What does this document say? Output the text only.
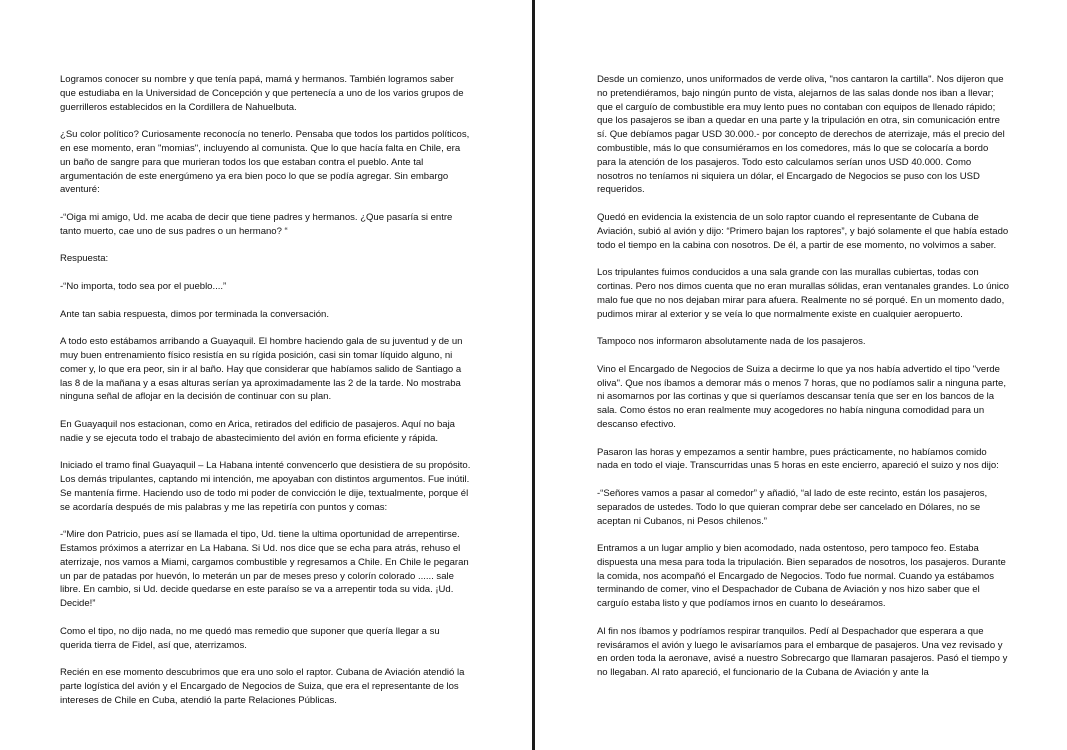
Logramos conocer su nombre y que tenía papá, mamá y hermanos. También logramos saber que estudiaba en la Universidad de Concepción y que pertenecía a uno de los varios grupos de guerrilleros establecidos en la Cordillera de Nahuelbuta.

¿Su color político? Curiosamente reconocía no tenerlo. Pensaba que todos los partidos políticos, en ese momento, eran "momias", incluyendo al comunista. Que lo que hacía falta en Chile, era un baño de sangre para que murieran todos los que estaban contra el pueblo. Ante tal argumentación de este energúmeno ya era bien poco lo que se podía agregar. Sin embargo aventuré:

-“Oiga mi amigo, Ud. me acaba de decir que tiene padres y hermanos. ¿Que pasaría si entre tanto muerto, cae uno de sus padres o un hermano? “

Respuesta:

-“No importa, todo sea por el pueblo....”

Ante tan sabia respuesta, dimos por terminada la conversación.

A todo esto estábamos arribando a Guayaquil. El hombre haciendo gala de su juventud y de un muy buen entrenamiento físico resistía en su rígida posición, casi sin tomar líquido alguno, ni comer y, lo que era peor, sin ir al baño. Hay que considerar que habíamos salido de Santiago a las 8 de la mañana y a esas alturas serían ya aproximadamente las 2 de la tarde. No mostraba ninguna señal de aflojar en la decisión de continuar con su plan.

En Guayaquil nos estacionan, como en Arica, retirados del edificio de pasajeros. Aquí no baja nadie y se ejecuta todo el trabajo de abastecimiento del avión en forma eficiente y rápida.

Iniciado el tramo final Guayaquil – La Habana intenté convencerlo que desistiera de su propósito. Los demás tripulantes, captando mi intención, me apoyaban con distintos argumentos. Fue inútil. Se mantenía firme. Haciendo uso de todo mi poder de convicción le dije, textualmente, porque él se acordaría después de mis palabras y me las repetiría con puntos y comas:

-“Mire don Patricio, pues así se llamada el tipo, Ud. tiene la ultima oportunidad de arrepentirse. Estamos próximos a aterrizar en La Habana. Si Ud. nos dice que se echa para atrás, rehuso el aterrizaje, nos vamos a Miami, cargamos combustible y regresamos a Chile. En Chile le pegaran un par de patadas por huevón, lo meterán un par de meses preso y colorín colorado ...... sale libre. En cambio, si Ud. decide quedarse en este paraíso se va a arrepentir toda su vida. ¡Ud. Decide!”

Como el tipo, no dijo nada, no me quedó mas remedio que suponer que quería llegar a su querida tierra de Fidel, así que, aterrizamos.

Recién en ese momento descubrimos que era uno solo el raptor. Cubana de Aviación atendió la parte logística del avión y el Encargado de Negocios de Suiza, que era el representante de los intereses de Chile en Cuba, atendió la parte Relaciones Públicas.

Desde un comienzo, unos uniformados de verde oliva, "nos cantaron la cartilla". Nos dijeron que no pretendiéramos, bajo ningún punto de vista, alejarnos de las salas donde nos iban a llevar; que el carguío de combustible era muy lento pues no contaban con equipos de llenado rápido; que los pasajeros se iban a quedar en una parte y la tripulación en otra, sin comunicación entre sí. Que debíamos pagar USD 30.000.- por concepto de derechos de aterrizaje, más el precio del combustible, más lo que consumiéramos en los comedores, más lo que se colocaría a bordo para la atención de los pasajeros. Todo esto calculamos serían unos USD 40.000. Como nosotros no teníamos ni siquiera un dólar, el Encargado de Negocios se puso con los USD requeridos.

Quedó en evidencia la existencia de un solo raptor cuando el representante de Cubana de Aviación, subió al avión y dijo: “Primero bajan los raptores”, y bajó solamente el que había estado todo el tiempo en la cabina con nosotros. De él, a partir de ese momento, no volvimos a saber.

Los tripulantes fuimos conducidos a una sala grande con las murallas cubiertas, todas con cortinas. Pero nos dimos cuenta que no eran murallas sólidas, eran ventanales grandes. Lo único malo fue que no nos dejaban mirar para afuera. Realmente no sé porqué. En un momento dado, pudimos mirar al exterior y se veía lo que normalmente existe en cualquier aeropuerto.

Tampoco nos informaron absolutamente nada de los pasajeros.

Vino el Encargado de Negocios de Suiza a decirme lo que ya nos había advertido el tipo "verde oliva". Que nos íbamos a demorar más o menos 7 horas, que no podíamos salir a ninguna parte, ni asomarnos por las cortinas y que si queríamos descansar tenía que ser en los bancos de la sala. Como éstos no eran realmente muy acogedores no había ninguna comodidad para un descanso efectivo.

Pasaron las horas y empezamos a sentir hambre, pues prácticamente, no habíamos comido nada en todo el viaje. Transcurridas unas 5 horas en este encierro, apareció el suizo y nos dijo:

-“Señores vamos a pasar al comedor” y añadió, “al lado de este recinto, están los pasajeros, separados de ustedes. Todo lo que quieran comprar debe ser cancelado en Dólares, no se aceptan ni Cubanos, ni Pesos chilenos.”

Entramos a un lugar amplio y bien acomodado, nada ostentoso, pero tampoco feo. Estaba dispuesta una mesa para toda la tripulación. Bien separados de nosotros, los pasajeros. Durante la comida, nos acompañó el Encargado de Negocios. Todo fue normal. Cuando ya estábamos terminando de comer, vino el Despachador de Cubana de Aviación y nos hizo saber que el carguío estaba listo y que podíamos irnos en cuanto lo deseáramos.

Al fin nos íbamos y podríamos respirar tranquilos. Pedí al Despachador que esperara a que revisáramos el avión y luego le avisaríamos para el embarque de pasajeros. Una vez revisado y en orden toda la aeronave, avisé a nuestro Sobrecargo que llamaran pasajeros. Pasó el tiempo y no llegaban. Al rato apareció, el funcionario de la Cubana de Aviación y ante la
